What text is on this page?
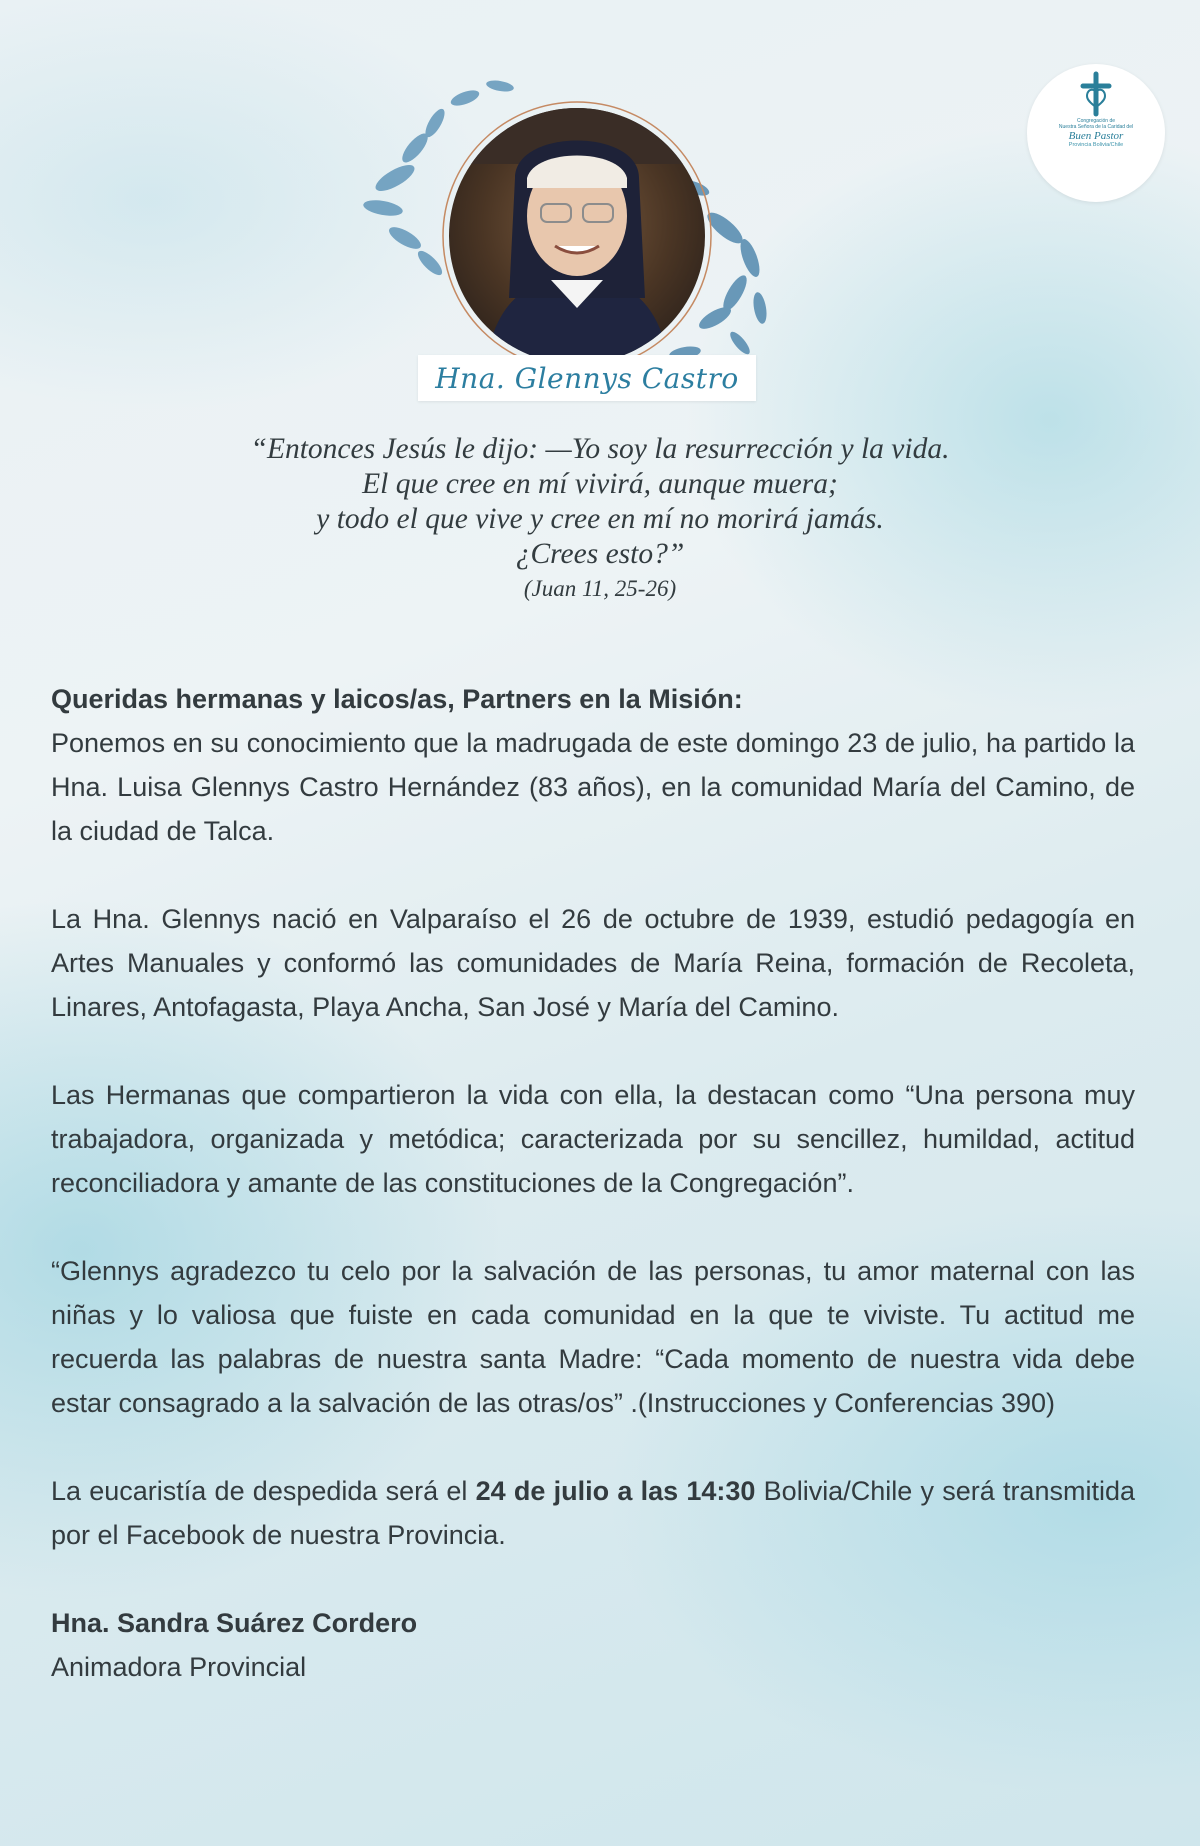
Congregación de
Nuestra Señora de la Caridad del
Buen Pastor
Provincia Bolivia/Chile
Hna. Glennys Castro
“Entonces Jesús le dijo: —Yo soy la resurrección y la vida.
El que cree en mí vivirá, aunque muera;
y todo el que vive y cree en mí no morirá jamás.
¿Crees esto?”
(Juan 11, 25-26)

Queridas hermanas y laicos/as, Partners en la Misión:

Ponemos en su conocimiento que la madrugada de este domingo 23 de julio, ha partido la Hna. Luisa Glennys Castro Hernández (83 años), en la comunidad María del Camino, de la ciudad de Talca.

La Hna. Glennys nació en Valparaíso el 26 de octubre de 1939, estudió pedagogía en Artes Manuales y conformó las comunidades de María Reina, formación de Recoleta, Linares, Antofagasta, Playa Ancha, San José y María del Camino.

Las Hermanas que compartieron la vida con ella, la destacan como “Una persona muy trabajadora, organizada y metódica; caracterizada por su sencillez, humildad, actitud reconciliadora y amante de las constituciones de la Congregación”.

“Glennys agradezco tu celo por la salvación de las personas, tu amor maternal con las niñas y lo valiosa que fuiste en cada comunidad en la que te viviste. Tu actitud me recuerda las palabras de nuestra santa Madre: “Cada momento de nuestra vida debe estar consagrado a la salvación de las otras/os” .(Instrucciones y Conferencias 390)

La eucaristía de despedida será el 24 de julio a las 14:30 Bolivia/Chile y será transmitida por el Facebook de nuestra Provincia.

Hna. Sandra Suárez Cordero

Animadora Provincial
